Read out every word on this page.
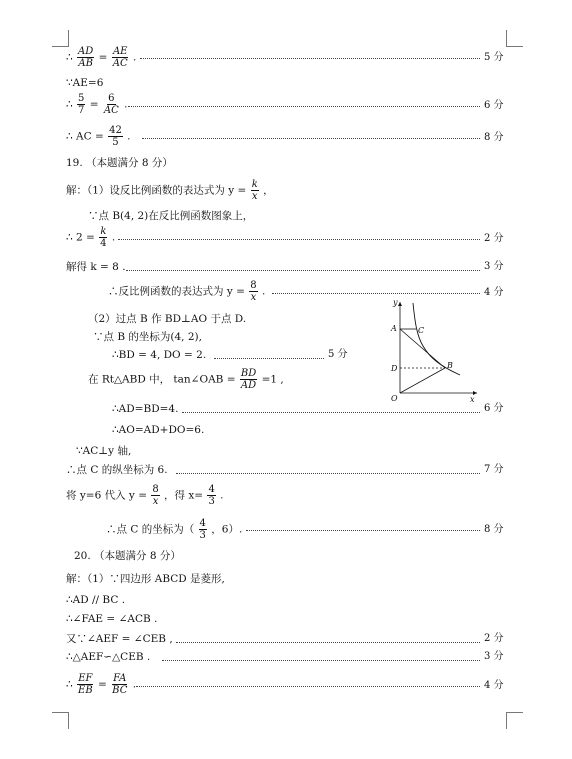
∴ $\frac{AD}{AB} = \frac{AE}{AC}$ .	5 分
∵AE=6
∴ $\frac{5}{7} = \frac{6}{AC}$ .	6 分
∴ AC = $\frac{42}{5}$ .	8 分
19. （本题满分 8 分）
解：（1）设反比例函数的表达式为 $y = \frac{k}{x}$ ，
∵点 B(4, 2)在反比例函数图象上，
∴ $2 = \frac{k}{4}$ .	2 分
解得 k = 8 .	3 分
∴反比例函数的表达式为 $y = \frac{8}{x}$ .	4 分
（2）过点 B 作 BD⊥AO 于点 D.
∵点 B 的坐标为(4, 2),
∴BD = 4, DO = 2.	5 分
在 Rt△ABD 中， tan∠OAB = $\frac{BD}{AD} =1$ ,
∴AD=BD=4.	6 分
∴AO=AD+DO=6.
∵AC⊥y 轴,
∴点 C 的纵坐标为 6.	7 分
将 y=6 代入 $y = \frac{8}{x}$ ，得 $x= \frac{4}{3}$ .
∴点 C 的坐标为（ $\frac{4}{3}$ ，6）.	8 分
20. （本题满分 8 分）
解：（1）∵四边形 ABCD 是菱形,
∴AD // BC .
∴∠FAE = ∠ACB .
又∵∠AEF = ∠CEB ,	2 分
∴△AEF∽△CEB .	3 分
∴ $\frac{EF}{EB} = \frac{FA}{BC}$ .	4 分
y
x
A	C
D	B
O
